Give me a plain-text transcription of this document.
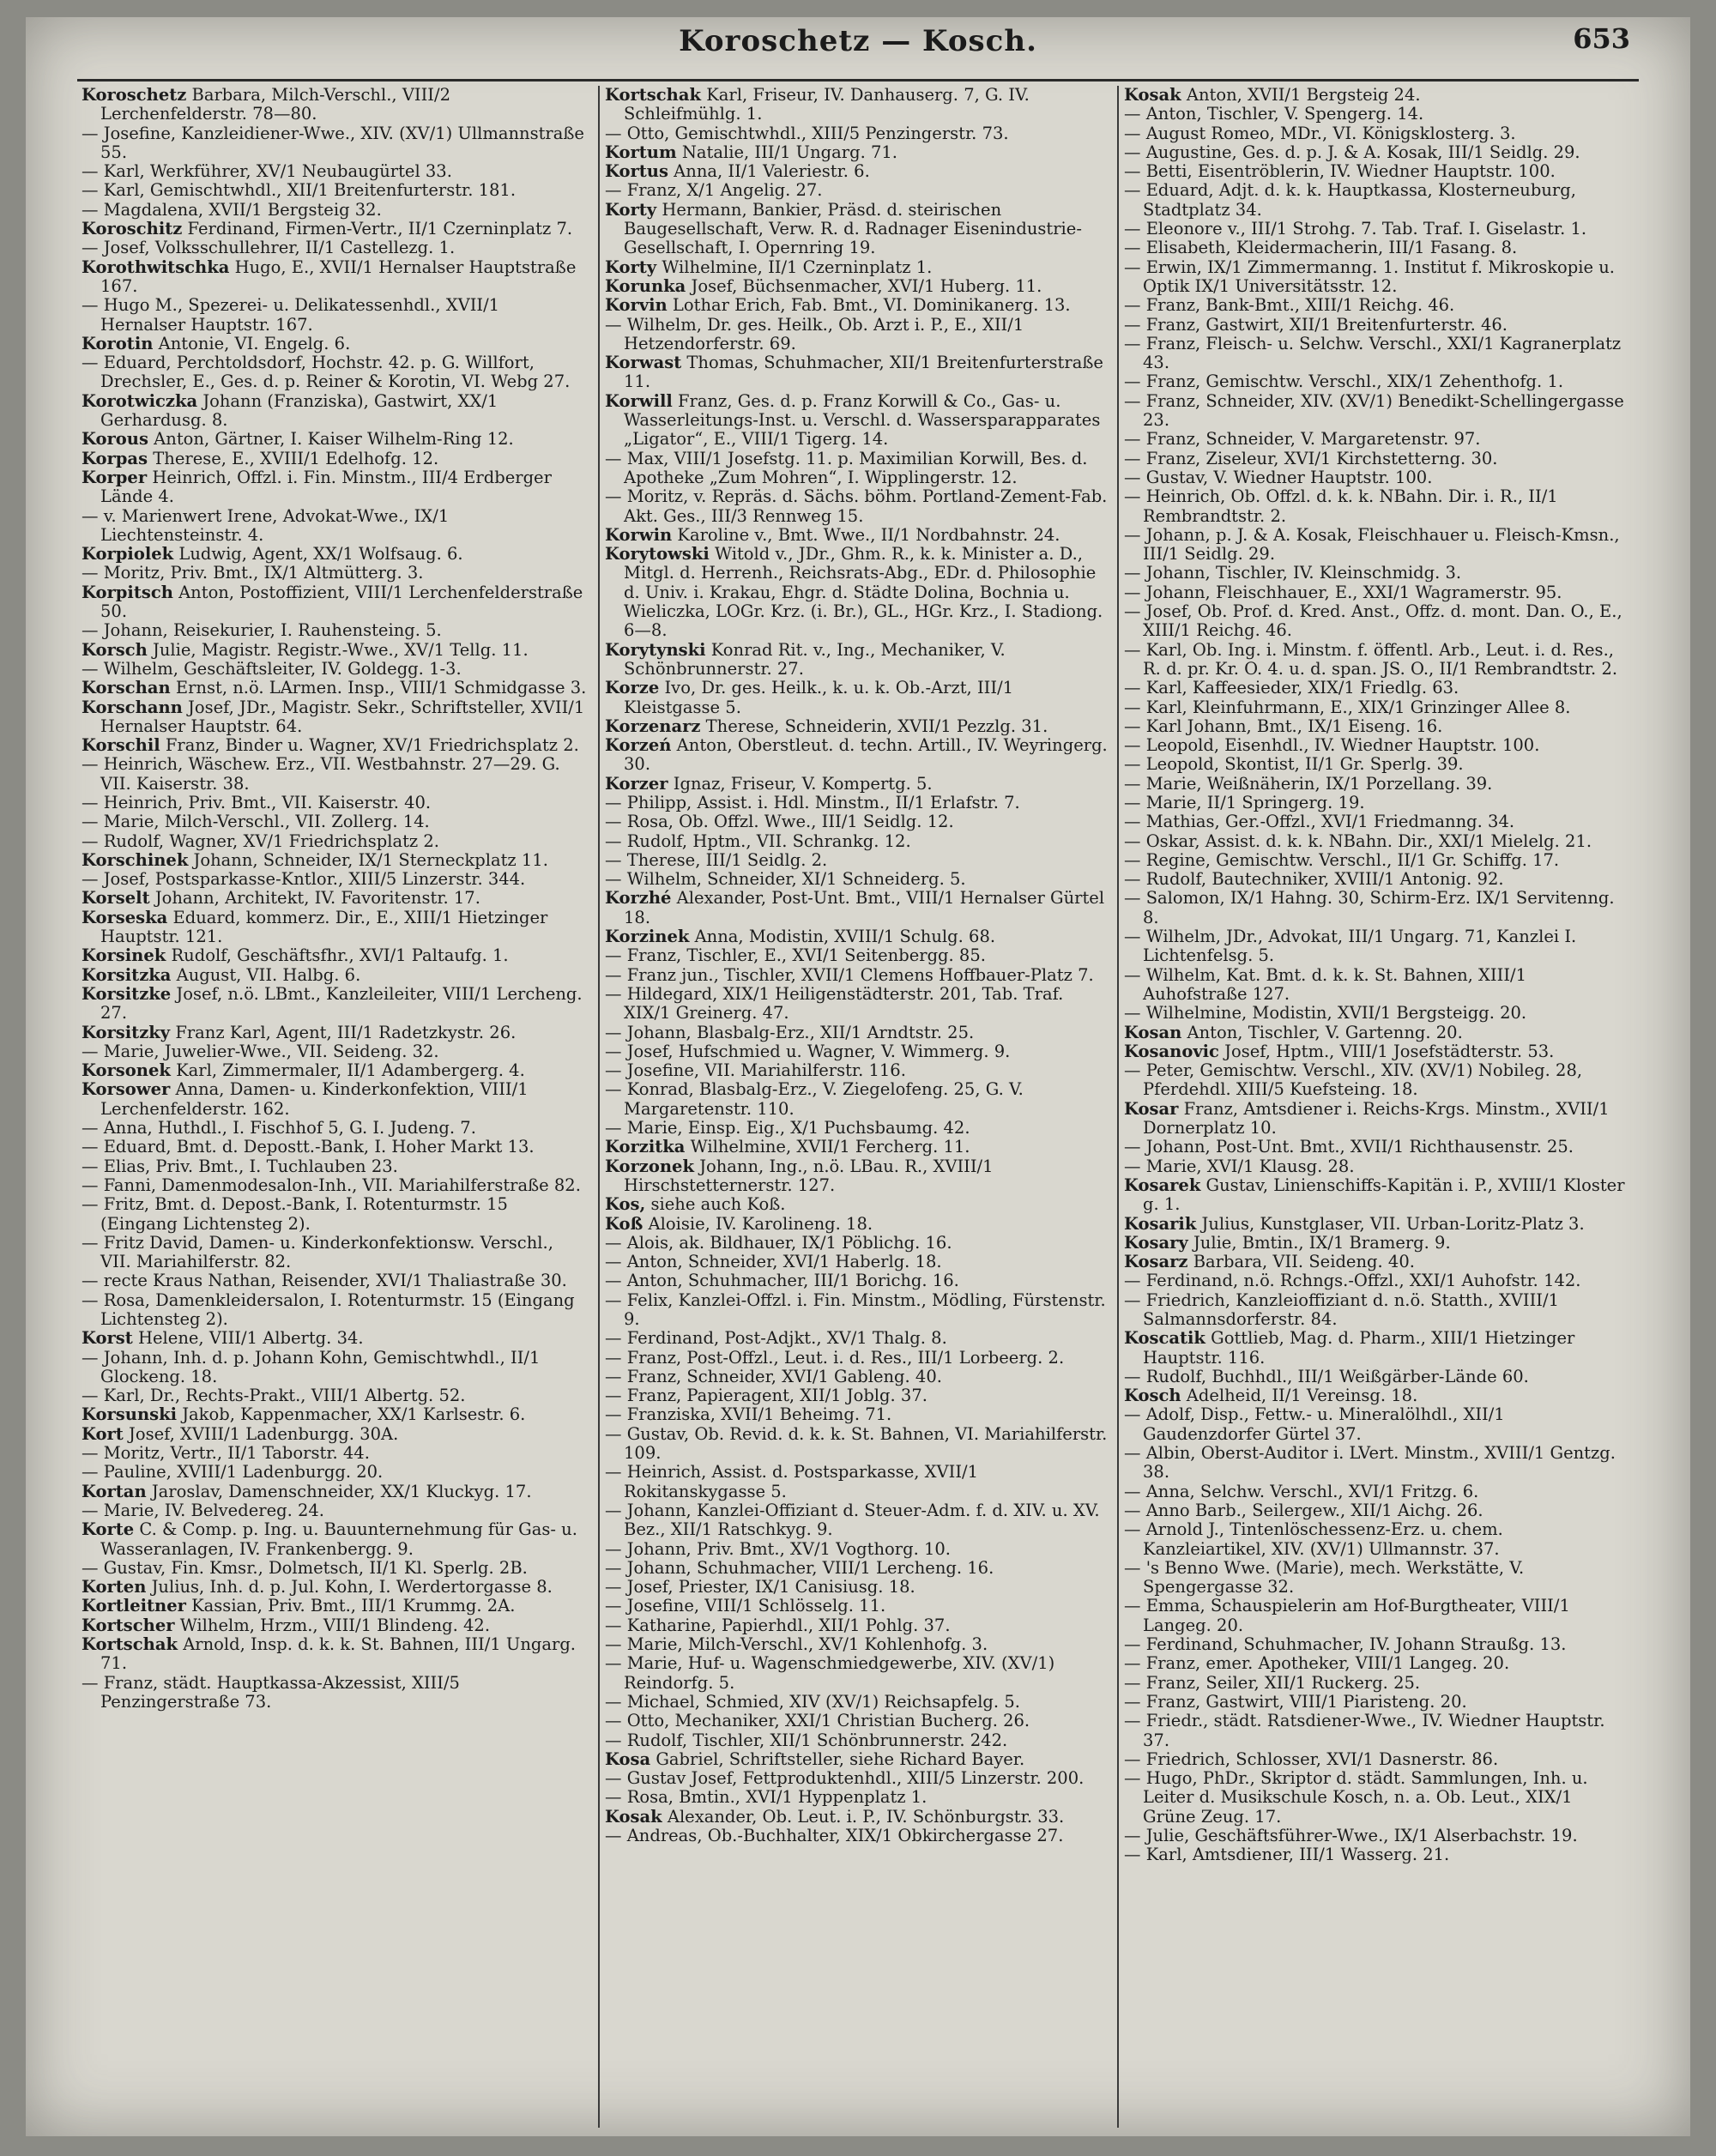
Koroschetz — Kosch.	653

Koroschetz Barbara, Milch-Verschl., VIII/2 Lerchenfelderstr. 78—80.

— Josefine, Kanzleidiener-Wwe., XIV. (XV/1) Ullmannstraße 55.

— Karl, Werkführer, XV/1 Neubaugürtel 33.

— Karl, Gemischtwhdl., XII/1 Breitenfurterstr. 181.

— Magdalena, XVII/1 Bergsteig 32.

Koroschitz Ferdinand, Firmen-Vertr., II/1 Czerninplatz 7.

— Josef, Volksschullehrer, II/1 Castellezg. 1.

Korothwitschka Hugo, E., XVII/1 Hernalser Hauptstraße 167.

— Hugo M., Spezerei- u. Delikatessenhdl., XVII/1 Hernalser Hauptstr. 167.

Korotin Antonie, VI. Engelg. 6.

— Eduard, Perchtoldsdorf, Hochstr. 42. p. G. Willfort, Drechsler, E., Ges. d. p. Reiner & Korotin, VI. Webg 27.

Korotwiczka Johann (Franziska), Gastwirt, XX/1 Gerhardusg. 8.

Korous Anton, Gärtner, I. Kaiser Wilhelm-Ring 12.

Korpas Therese, E., XVIII/1 Edelhofg. 12.

Korper Heinrich, Offzl. i. Fin. Minstm., III/4 Erdberger Lände 4.

— v. Marienwert Irene, Advokat-Wwe., IX/1 Liechtensteinstr. 4.

Korpiolek Ludwig, Agent, XX/1 Wolfsaug. 6.

— Moritz, Priv. Bmt., IX/1 Altmütterg. 3.

Korpitsch Anton, Postoffizient, VIII/1 Lerchenfelderstraße 50.

— Johann, Reisekurier, I. Rauhensteing. 5.

Korsch Julie, Magistr. Registr.-Wwe., XV/1 Tellg. 11.

— Wilhelm, Geschäftsleiter, IV. Goldegg. 1-3.

Korschan Ernst, n.ö. LArmen. Insp., VIII/1 Schmidgasse 3.

Korschann Josef, JDr., Magistr. Sekr., Schriftsteller, XVII/1 Hernalser Hauptstr. 64.

Korschil Franz, Binder u. Wagner, XV/1 Friedrichsplatz 2.

— Heinrich, Wäschew. Erz., VII. Westbahnstr. 27—29. G. VII. Kaiserstr. 38.

— Heinrich, Priv. Bmt., VII. Kaiserstr. 40.

— Marie, Milch-Verschl., VII. Zollerg. 14.

— Rudolf, Wagner, XV/1 Friedrichsplatz 2.

Korschinek Johann, Schneider, IX/1 Sterneckplatz 11.

— Josef, Postsparkasse-Kntlor., XIII/5 Linzerstr. 344.

Korselt Johann, Architekt, IV. Favoritenstr. 17.

Korseska Eduard, kommerz. Dir., E., XIII/1 Hietzinger Hauptstr. 121.

Korsinek Rudolf, Geschäftsfhr., XVI/1 Paltaufg. 1.

Korsitzka August, VII. Halbg. 6.

Korsitzke Josef, n.ö. LBmt., Kanzleileiter, VIII/1 Lercheng. 27.

Korsitzky Franz Karl, Agent, III/1 Radetzkystr. 26.

— Marie, Juwelier-Wwe., VII. Seideng. 32.

Korsonek Karl, Zimmermaler, II/1 Adambergerg. 4.

Korsower Anna, Damen- u. Kinderkonfektion, VIII/1 Lerchenfelderstr. 162.

— Anna, Huthdl., I. Fischhof 5, G. I. Judeng. 7.

— Eduard, Bmt. d. Depostt.-Bank, I. Hoher Markt 13.

— Elias, Priv. Bmt., I. Tuchlauben 23.

— Fanni, Damenmodesalon-Inh., VII. Mariahilferstraße 82.

— Fritz, Bmt. d. Depost.-Bank, I. Rotenturmstr. 15 (Eingang Lichtensteg 2).

— Fritz David, Damen- u. Kinderkonfektionsw. Verschl., VII. Mariahilferstr. 82.

— recte Kraus Nathan, Reisender, XVI/1 Thaliastraße 30.

— Rosa, Damenkleidersalon, I. Rotenturmstr. 15 (Eingang Lichtensteg 2).

Korst Helene, VIII/1 Albertg. 34.

— Johann, Inh. d. p. Johann Kohn, Gemischtwhdl., II/1 Glockeng. 18.

— Karl, Dr., Rechts-Prakt., VIII/1 Albertg. 52.

Korsunski Jakob, Kappenmacher, XX/1 Karlsestr. 6.

Kort Josef, XVIII/1 Ladenburgg. 30A.

— Moritz, Vertr., II/1 Taborstr. 44.

— Pauline, XVIII/1 Ladenburgg. 20.

Kortan Jaroslav, Damenschneider, XX/1 Kluckyg. 17.

— Marie, IV. Belvedereg. 24.

Korte C. & Comp. p. Ing. u. Bauunternehmung für Gas- u. Wasseranlagen, IV. Frankenbergg. 9.

— Gustav, Fin. Kmsr., Dolmetsch, II/1 Kl. Sperlg. 2B.

Korten Julius, Inh. d. p. Jul. Kohn, I. Werdertorgasse 8.

Kortleitner Kassian, Priv. Bmt., III/1 Krummg. 2A.

Kortscher Wilhelm, Hrzm., VIII/1 Blindeng. 42.

Kortschak Arnold, Insp. d. k. k. St. Bahnen, III/1 Ungarg. 71.

— Franz, städt. Hauptkassa-Akzessist, XIII/5 Penzingerstraße 73.

Kortschak Karl, Friseur, IV. Danhauserg. 7, G. IV. Schleifmühlg. 1.

— Otto, Gemischtwhdl., XIII/5 Penzingerstr. 73.

Kortum Natalie, III/1 Ungarg. 71.

Kortus Anna, II/1 Valeriestr. 6.

— Franz, X/1 Angelig. 27.

Korty Hermann, Bankier, Präsd. d. steirischen Baugesellschaft, Verw. R. d. Radnager Eisenindustrie-Gesellschaft, I. Opernring 19.

Korty Wilhelmine, II/1 Czerninplatz 1.

Korunka Josef, Büchsenmacher, XVI/1 Huberg. 11.

Korvin Lothar Erich, Fab. Bmt., VI. Dominikanerg. 13.

— Wilhelm, Dr. ges. Heilk., Ob. Arzt i. P., E., XII/1 Hetzendorferstr. 69.

Korwast Thomas, Schuhmacher, XII/1 Breitenfurterstraße 11.

Korwill Franz, Ges. d. p. Franz Korwill & Co., Gas- u. Wasserleitungs-Inst. u. Verschl. d. Wassersparapparates „Ligator“, E., VIII/1 Tigerg. 14.

— Max, VIII/1 Josefstg. 11. p. Maximilian Korwill, Bes. d. Apotheke „Zum Mohren“, I. Wipplingerstr. 12.

— Moritz, v. Repräs. d. Sächs. böhm. Portland-Zement-Fab. Akt. Ges., III/3 Rennweg 15.

Korwin Karoline v., Bmt. Wwe., II/1 Nordbahnstr. 24.

Korytowski Witold v., JDr., Ghm. R., k. k. Minister a. D., Mitgl. d. Herrenh., Reichsrats-Abg., EDr. d. Philosophie d. Univ. i. Krakau, Ehgr. d. Städte Dolina, Bochnia u. Wieliczka, LOGr. Krz. (i. Br.), GL., HGr. Krz., I. Stadiong. 6—8.

Korytynski Konrad Rit. v., Ing., Mechaniker, V. Schönbrunnerstr. 27.

Korze Ivo, Dr. ges. Heilk., k. u. k. Ob.-Arzt, III/1 Kleistgasse 5.

Korzenarz Therese, Schneiderin, XVII/1 Pezzlg. 31.

Korzeń Anton, Oberstleut. d. techn. Artill., IV. Weyringerg. 30.

Korzer Ignaz, Friseur, V. Kompertg. 5.

— Philipp, Assist. i. Hdl. Minstm., II/1 Erlafstr. 7.

— Rosa, Ob. Offzl. Wwe., III/1 Seidlg. 12.

— Rudolf, Hptm., VII. Schrankg. 12.

— Therese, III/1 Seidlg. 2.

— Wilhelm, Schneider, XI/1 Schneiderg. 5.

Korzhé Alexander, Post-Unt. Bmt., VIII/1 Hernalser Gürtel 18.

Korzinek Anna, Modistin, XVIII/1 Schulg. 68.

— Franz, Tischler, E., XVI/1 Seitenbergg. 85.

— Franz jun., Tischler, XVII/1 Clemens Hoffbauer-Platz 7.

— Hildegard, XIX/1 Heiligenstädterstr. 201, Tab. Traf. XIX/1 Greinerg. 47.

— Johann, Blasbalg-Erz., XII/1 Arndtstr. 25.

— Josef, Hufschmied u. Wagner, V. Wimmerg. 9.

— Josefine, VII. Mariahilferstr. 116.

— Konrad, Blasbalg-Erz., V. Ziegelofeng. 25, G. V. Margaretenstr. 110.

— Marie, Einsp. Eig., X/1 Puchsbaumg. 42.

Korzitka Wilhelmine, XVII/1 Fercherg. 11.

Korzonek Johann, Ing., n.ö. LBau. R., XVIII/1 Hirschstetternerstr. 127.

Kos, siehe auch Koß.

Koß Aloisie, IV. Karolineng. 18.

— Alois, ak. Bildhauer, IX/1 Pöblichg. 16.

— Anton, Schneider, XVI/1 Haberlg. 18.

— Anton, Schuhmacher, III/1 Borichg. 16.

— Felix, Kanzlei-Offzl. i. Fin. Minstm., Mödling, Fürstenstr. 9.

— Ferdinand, Post-Adjkt., XV/1 Thalg. 8.

— Franz, Post-Offzl., Leut. i. d. Res., III/1 Lorbeerg. 2.

— Franz, Schneider, XVI/1 Gableng. 40.

— Franz, Papieragent, XII/1 Joblg. 37.

— Franziska, XVII/1 Beheimg. 71.

— Gustav, Ob. Revid. d. k. k. St. Bahnen, VI. Mariahilferstr. 109.

— Heinrich, Assist. d. Postsparkasse, XVII/1 Rokitanskygasse 5.

— Johann, Kanzlei-Offiziant d. Steuer-Adm. f. d. XIV. u. XV. Bez., XII/1 Ratschkyg. 9.

— Johann, Priv. Bmt., XV/1 Vogthorg. 10.

— Johann, Schuhmacher, VIII/1 Lercheng. 16.

— Josef, Priester, IX/1 Canisiusg. 18.

— Josefine, VIII/1 Schlösselg. 11.

— Katharine, Papierhdl., XII/1 Pohlg. 37.

— Marie, Milch-Verschl., XV/1 Kohlenhofg. 3.

— Marie, Huf- u. Wagenschmiedgewerbe, XIV. (XV/1) Reindorfg. 5.

— Michael, Schmied, XIV (XV/1) Reichsapfelg. 5.

— Otto, Mechaniker, XXI/1 Christian Bucherg. 26.

— Rudolf, Tischler, XII/1 Schönbrunnerstr. 242.

Kosa Gabriel, Schriftsteller, siehe Richard Bayer.

— Gustav Josef, Fettproduktenhdl., XIII/5 Linzerstr. 200.

— Rosa, Bmtin., XVI/1 Hyppenplatz 1.

Kosak Alexander, Ob. Leut. i. P., IV. Schönburgstr. 33.

— Andreas, Ob.-Buchhalter, XIX/1 Obkirchergasse 27.

Kosak Anton, XVII/1 Bergsteig 24.

— Anton, Tischler, V. Spengerg. 14.

— August Romeo, MDr., VI. Königsklosterg. 3.

— Augustine, Ges. d. p. J. & A. Kosak, III/1 Seidlg. 29.

— Betti, Eisentröblerin, IV. Wiedner Hauptstr. 100.

— Eduard, Adjt. d. k. k. Hauptkassa, Klosterneuburg, Stadtplatz 34.

— Eleonore v., III/1 Strohg. 7. Tab. Traf. I. Giselastr. 1.

— Elisabeth, Kleidermacherin, III/1 Fasang. 8.

— Erwin, IX/1 Zimmermanng. 1. Institut f. Mikroskopie u. Optik IX/1 Universitätsstr. 12.

— Franz, Bank-Bmt., XIII/1 Reichg. 46.

— Franz, Gastwirt, XII/1 Breitenfurterstr. 46.

— Franz, Fleisch- u. Selchw. Verschl., XXI/1 Kagranerplatz 43.

— Franz, Gemischtw. Verschl., XIX/1 Zehenthofg. 1.

— Franz, Schneider, XIV. (XV/1) Benedikt-Schellingergasse 23.

— Franz, Schneider, V. Margaretenstr. 97.

— Franz, Ziseleur, XVI/1 Kirchstetterng. 30.

— Gustav, V. Wiedner Hauptstr. 100.

— Heinrich, Ob. Offzl. d. k. k. NBahn. Dir. i. R., II/1 Rembrandtstr. 2.

— Johann, p. J. & A. Kosak, Fleischhauer u. Fleisch-Kmsn., III/1 Seidlg. 29.

— Johann, Tischler, IV. Kleinschmidg. 3.

— Johann, Fleischhauer, E., XXI/1 Wagramerstr. 95.

— Josef, Ob. Prof. d. Kred. Anst., Offz. d. mont. Dan. O., E., XIII/1 Reichg. 46.

— Karl, Ob. Ing. i. Minstm. f. öffentl. Arb., Leut. i. d. Res., R. d. pr. Kr. O. 4. u. d. span. JS. O., II/1 Rembrandtstr. 2.

— Karl, Kaffeesieder, XIX/1 Friedlg. 63.

— Karl, Kleinfuhrmann, E., XIX/1 Grinzinger Allee 8.

— Karl Johann, Bmt., IX/1 Eiseng. 16.

— Leopold, Eisenhdl., IV. Wiedner Hauptstr. 100.

— Leopold, Skontist, II/1 Gr. Sperlg. 39.

— Marie, Weißnäherin, IX/1 Porzellang. 39.

— Marie, II/1 Springerg. 19.

— Mathias, Ger.-Offzl., XVI/1 Friedmanng. 34.

— Oskar, Assist. d. k. k. NBahn. Dir., XXI/1 Mielelg. 21.

— Regine, Gemischtw. Verschl., II/1 Gr. Schiffg. 17.

— Rudolf, Bautechniker, XVIII/1 Antonig. 92.

— Salomon, IX/1 Hahng. 30, Schirm-Erz. IX/1 Servitenng. 8.

— Wilhelm, JDr., Advokat, III/1 Ungarg. 71, Kanzlei I. Lichtenfelsg. 5.

— Wilhelm, Kat. Bmt. d. k. k. St. Bahnen, XIII/1 Auhofstraße 127.

— Wilhelmine, Modistin, XVII/1 Bergsteigg. 20.

Kosan Anton, Tischler, V. Gartenng. 20.

Kosanovic Josef, Hptm., VIII/1 Josefstädterstr. 53.

— Peter, Gemischtw. Verschl., XIV. (XV/1) Nobileg. 28, Pferdehdl. XIII/5 Kuefsteing. 18.

Kosar Franz, Amtsdiener i. Reichs-Krgs. Minstm., XVII/1 Dornerplatz 10.

— Johann, Post-Unt. Bmt., XVII/1 Richthausenstr. 25.

— Marie, XVI/1 Klausg. 28.

Kosarek Gustav, Linienschiffs-Kapitän i. P., XVIII/1 Kloster g. 1.

Kosarik Julius, Kunstglaser, VII. Urban-Loritz-Platz 3.

Kosary Julie, Bmtin., IX/1 Bramerg. 9.

Kosarz Barbara, VII. Seideng. 40.

— Ferdinand, n.ö. Rchngs.-Offzl., XXI/1 Auhofstr. 142.

— Friedrich, Kanzleioffiziant d. n.ö. Statth., XVIII/1 Salmannsdorferstr. 84.

Koscatik Gottlieb, Mag. d. Pharm., XIII/1 Hietzinger Hauptstr. 116.

— Rudolf, Buchhdl., III/1 Weißgärber-Lände 60.

Kosch Adelheid, II/1 Vereinsg. 18.

— Adolf, Disp., Fettw.- u. Mineralölhdl., XII/1 Gaudenzdorfer Gürtel 37.

— Albin, Oberst-Auditor i. LVert. Minstm., XVIII/1 Gentzg. 38.

— Anna, Selchw. Verschl., XVI/1 Fritzg. 6.

— Anno Barb., Seilergew., XII/1 Aichg. 26.

— Arnold J., Tintenlöschessenz-Erz. u. chem. Kanzleiartikel, XIV. (XV/1) Ullmannstr. 37.

— 's Benno Wwe. (Marie), mech. Werkstätte, V. Spengergasse 32.

— Emma, Schauspielerin am Hof-Burgtheater, VIII/1 Langeg. 20.

— Ferdinand, Schuhmacher, IV. Johann Straußg. 13.

— Franz, emer. Apotheker, VIII/1 Langeg. 20.

— Franz, Seiler, XII/1 Ruckerg. 25.

— Franz, Gastwirt, VIII/1 Piaristeng. 20.

— Friedr., städt. Ratsdiener-Wwe., IV. Wiedner Hauptstr. 37.

— Friedrich, Schlosser, XVI/1 Dasnerstr. 86.

— Hugo, PhDr., Skriptor d. städt. Sammlungen, Inh. u. Leiter d. Musikschule Kosch, n. a. Ob. Leut., XIX/1 Grüne Zeug. 17.

— Julie, Geschäftsführer-Wwe., IX/1 Alserbachstr. 19.

— Karl, Amtsdiener, III/1 Wasserg. 21.
